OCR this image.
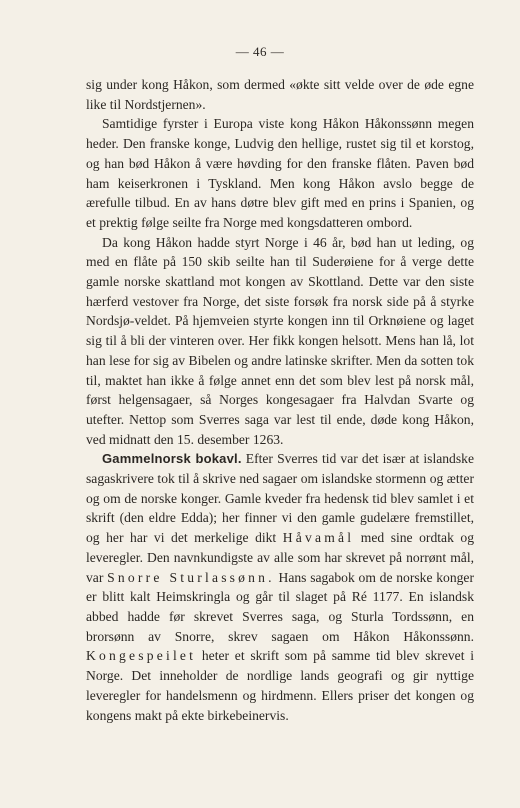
— 46 —

sig under kong Håkon, som dermed «økte sitt velde over de øde egne like til Nordstjernen».

Samtidige fyrster i Europa viste kong Håkon Håkonssønn megen heder. Den franske konge, Ludvig den hellige, rustet sig til et korstog, og han bød Håkon å være høvding for den franske flåten. Paven bød ham keiserkronen i Tyskland. Men kong Håkon avslo begge de ærefulle tilbud. En av hans døtre blev gift med en prins i Spanien, og et prektig følge seilte fra Norge med kongsdatteren ombord.

Da kong Håkon hadde styrt Norge i 46 år, bød han ut leding, og med en flåte på 150 skib seilte han til Suderøiene for å verge dette gamle norske skattland mot kongen av Skottland. Dette var den siste hærferd vestover fra Norge, det siste forsøk fra norsk side på å styrke Nordsjø-veldet. På hjemveien styrte kongen inn til Orknøiene og laget sig til å bli der vinteren over. Her fikk kongen helsott. Mens han lå, lot han lese for sig av Bibelen og andre latinske skrifter. Men da sotten tok til, maktet han ikke å følge annet enn det som blev lest på norsk mål, først helgensagaer, så Norges kongesagaer fra Halvdan Svarte og utefter. Nettop som Sverres saga var lest til ende, døde kong Håkon, ved midnatt den 15. desember 1263.

Gammelnorsk bokavl. Efter Sverres tid var det især at islandske sagaskrivere tok til å skrive ned sagaer om islandske stormenn og ætter og om de norske konger. Gamle kveder fra hedensk tid blev samlet i et skrift (den eldre Edda); her finner vi den gamle gudelære fremstillet, og her har vi det merkelige dikt Håvamål med sine ordtak og leveregler. Den navnkundigste av alle som har skrevet på norrønt mål, var Snorre Sturlassønn. Hans sagabok om de norske konger er blitt kalt Heimskringla og går til slaget på Ré 1177. En islandsk abbed hadde før skrevet Sverres saga, og Sturla Tordssønn, en brorsønn av Snorre, skrev sagaen om Håkon Håkonssønn. Kongespeilet heter et skrift som på samme tid blev skrevet i Norge. Det inneholder de nordlige lands geografi og gir nyttige leveregler for handelsmenn og hirdmenn. Ellers priser det kongen og kongens makt på ekte birkebeinervis.
